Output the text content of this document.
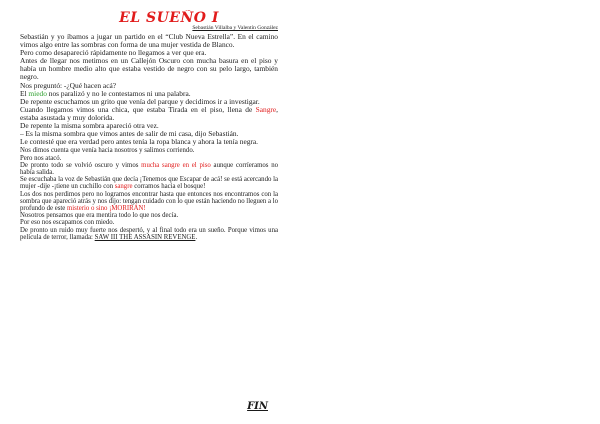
EL SUEÑO I
Sebastián Villalba y Valentín González

Sebastián y yo íbamos a jugar un partido en el “Club Nueva Estrella”. En el camino vimos algo entre las sombras con forma de una mujer vestida de Blanco.

Pero como desapareció rápidamente no llegamos a ver que era.

Antes de llegar nos metimos en un Callejón Oscuro con mucha basura en el piso y había un hombre medio alto que estaba vestido de negro con su pelo largo, también negro.

Nos preguntó: -¿Qué hacen acá?

El miedo nos paralizó y no le contestamos ni una palabra.

De repente escuchamos un grito que venía del parque y decidimos ir a investigar.

Cuando llegamos vimos una chica, que estaba Tirada en el piso, llena de Sangre, estaba asustada y muy dolorida.

De repente la misma sombra apareció otra vez.

– Es la misma sombra que vimos antes de salir de mi casa, dijo Sebastián.

Le contesté que era verdad pero antes tenía la ropa blanca y ahora la tenía negra.

Nos dimos cuenta que venía hacia nosotros y salimos corriendo.

Pero nos atacó.

De pronto todo se volvió oscuro y vimos mucha sangre en el piso aunque corríeramos no había salida.

Se escuchaba la voz de Sebastián que decía ¡Tenemos que Escapar de acá! se está acercando la mujer -dije -¡tiene un cuchillo con sangre corramos hacia el bosque!

Los dos nos perdimos pero no logramos encontrar hasta que entonces nos encontramos con la sombra que apareció atrás y nos dijo: tengan cuidado con lo que están haciendo no lleguen a lo profundo de este misterio o sino ¡MORIRÁN!

Nosotros pensamos que era mentira todo lo que nos decía.

Por eso nos escapamos con miedo.

De pronto un ruido muy fuerte nos despertó, y al final todo era un sueño. Porque vimos una película de terror, llamada: SAW III THE ASSASIN REVENGE.

FIN
